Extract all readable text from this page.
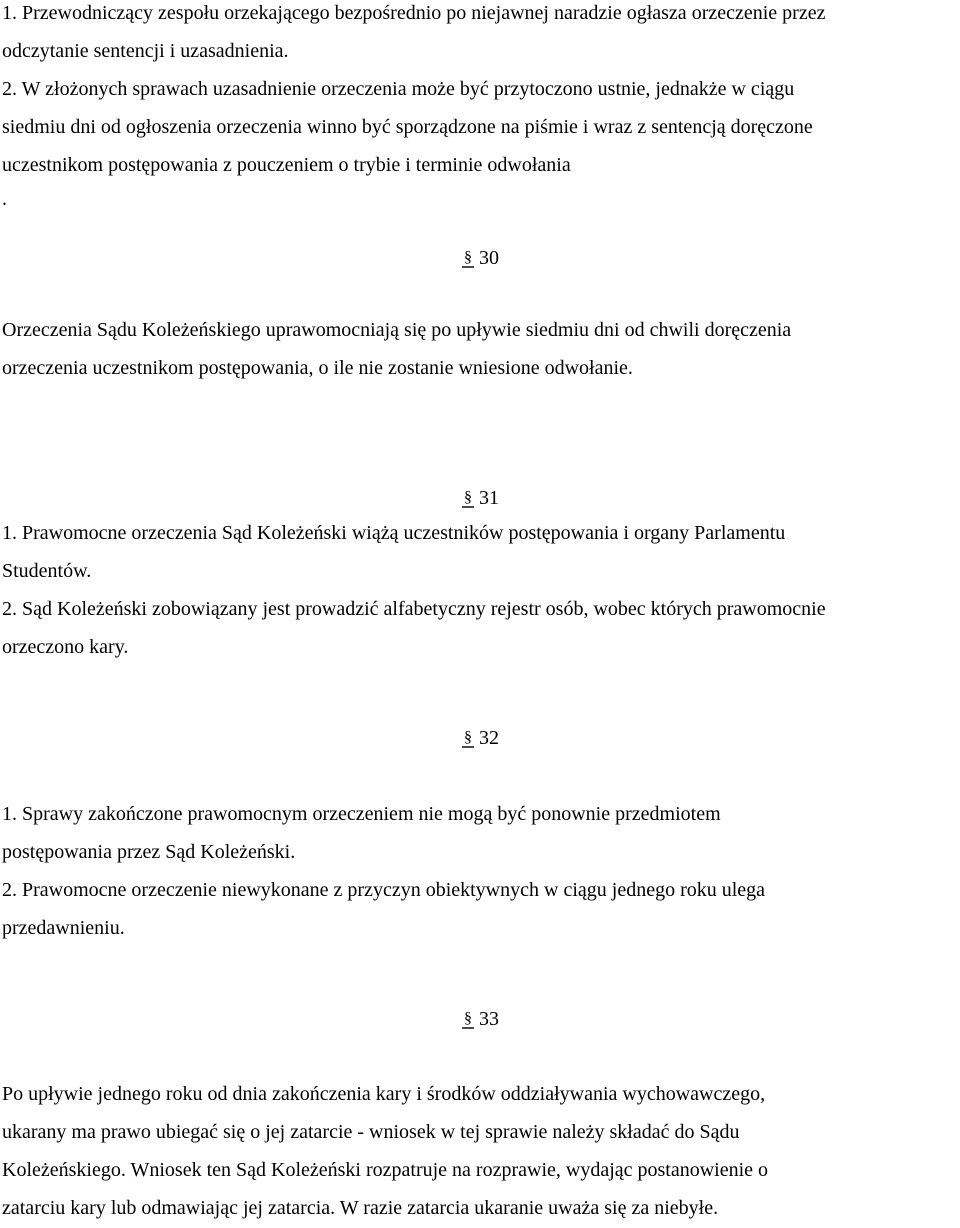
1. Przewodniczący zespołu orzekającego bezpośrednio po niejawnej naradzie ogłasza orzeczenie przez
odczytanie sentencji i uzasadnienia.
2. W złożonych sprawach uzasadnienie orzeczenia może być przytoczono ustnie, jednakże w ciągu
siedmiu dni od ogłoszenia orzeczenia winno być sporządzone na piśmie i wraz z sentencją doręczone
uczestnikom postępowania z pouczeniem o trybie i terminie odwołania
.
§ 30
Orzeczenia Sądu Koleżeńskiego uprawomocniają się po upływie siedmiu dni od chwili doręczenia
orzeczenia uczestnikom postępowania, o ile nie zostanie wniesione odwołanie.
§ 31
1. Prawomocne orzeczenia Sąd Koleżeński wiążą uczestników postępowania i organy Parlamentu
Studentów.
2. Sąd Koleżeński zobowiązany jest prowadzić alfabetyczny rejestr osób, wobec których prawomocnie
orzeczono kary.
§ 32
1. Sprawy zakończone prawomocnym orzeczeniem nie mogą być ponownie przedmiotem
postępowania przez Sąd Koleżeński.
2. Prawomocne orzeczenie niewykonane z przyczyn obiektywnych w ciągu jednego roku ulega
przedawnieniu.
§ 33
Po upływie jednego roku od dnia zakończenia kary i środków oddziaływania wychowawczego,
ukarany ma prawo ubiegać się o jej zatarcie - wniosek w tej sprawie należy składać do Sądu
Koleżeńskiego. Wniosek ten Sąd Koleżeński rozpatruje na rozprawie, wydając postanowienie o
zatarciu kary lub odmawiając jej zatarcia. W razie zatarcia ukaranie uważa się za niebyłe.
